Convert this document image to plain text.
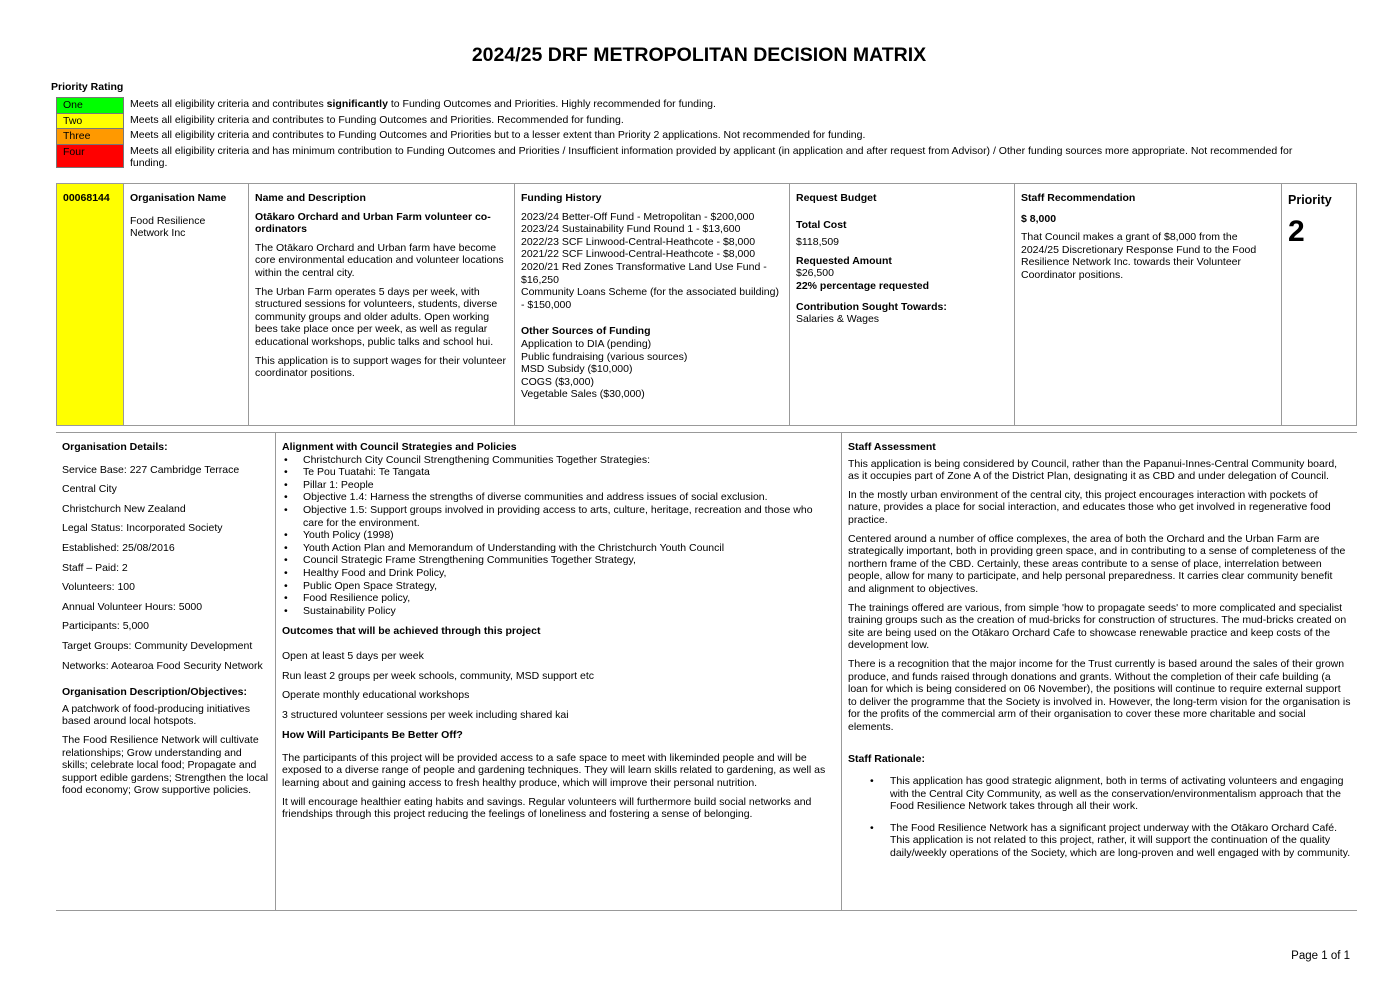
2024/25 DRF METROPOLITAN DECISION MATRIX
Priority Rating
One	Meets all eligibility criteria and contributes significantly to Funding Outcomes and Priorities. Highly recommended for funding.
Two	Meets all eligibility criteria and contributes to Funding Outcomes and Priorities. Recommended for funding.
Three	Meets all eligibility criteria and contributes to Funding Outcomes and Priorities but to a lesser extent than Priority 2 applications. Not recommended for funding.
Four	Meets all eligibility criteria and has minimum contribution to Funding Outcomes and Priorities / Insufficient information provided by applicant (in application and after request from Advisor) / Other funding sources more appropriate. Not recommended for funding.
00068144	Organisation Name
Food Resilience Network Inc
Name and Description
Otākaro Orchard and Urban Farm volunteer co-ordinators
The Otākaro Orchard and Urban farm have become core environmental education and volunteer locations within the central city.
The Urban Farm operates 5 days per week, with structured sessions for volunteers, students, diverse community groups and older adults. Open working bees take place once per week, as well as regular educational workshops, public talks and school hui.
This application is to support wages for their volunteer coordinator positions.
Funding History
2023/24 Better-Off Fund - Metropolitan - $200,000
2023/24 Sustainability Fund Round 1 - $13,600
2022/23 SCF Linwood-Central-Heathcote - $8,000
2021/22 SCF Linwood-Central-Heathcote - $8,000
2020/21 Red Zones Transformative Land Use Fund - $16,250
Community Loans Scheme (for the associated building) - $150,000
Other Sources of Funding
Application to DIA (pending)
Public fundraising (various sources)
MSD Subsidy ($10,000)
COGS ($3,000)
Vegetable Sales ($30,000)
Request Budget
Total Cost
$118,509
Requested Amount
$26,500
22% percentage requested
Contribution Sought Towards:
Salaries & Wages
Staff Recommendation
$ 8,000
That Council makes a grant of $8,000 from the 2024/25 Discretionary Response Fund to the Food Resilience Network Inc. towards their Volunteer Coordinator positions.
Priority
2
Organisation Details:
Service Base: 227 Cambridge Terrace
Central City
Christchurch New Zealand
Legal Status: Incorporated Society
Established: 25/08/2016
Staff – Paid: 2
Volunteers: 100
Annual Volunteer Hours: 5000
Participants: 5,000
Target Groups: Community Development
Networks: Aotearoa Food Security Network
Organisation Description/Objectives:
A patchwork of food-producing initiatives based around local hotspots.
The Food Resilience Network will cultivate relationships; Grow understanding and skills; celebrate local food; Propagate and support edible gardens; Strengthen the local food economy; Grow supportive policies.
Alignment with Council Strategies and Policies
• Christchurch City Council Strengthening Communities Together Strategies:
• Te Pou Tuatahi: Te Tangata
• Pillar 1: People
• Objective 1.4: Harness the strengths of diverse communities and address issues of social exclusion.
• Objective 1.5: Support groups involved in providing access to arts, culture, heritage, recreation and those who care for the environment.
• Youth Policy (1998)
• Youth Action Plan and Memorandum of Understanding with the Christchurch Youth Council
• Council Strategic Frame Strengthening Communities Together Strategy,
• Healthy Food and Drink Policy,
• Public Open Space Strategy,
• Food Resilience policy,
• Sustainability Policy
Outcomes that will be achieved through this project
Open at least 5 days per week
Run least 2 groups per week schools, community, MSD support etc
Operate monthly educational workshops
3 structured volunteer sessions per week including shared kai
How Will Participants Be Better Off?
The participants of this project will be provided access to a safe space to meet with likeminded people and will be exposed to a diverse range of people and gardening techniques. They will learn skills related to gardening, as well as learning about and gaining access to fresh healthy produce, which will improve their personal nutrition.
It will encourage healthier eating habits and savings. Regular volunteers will furthermore build social networks and friendships through this project reducing the feelings of loneliness and fostering a sense of belonging.
Staff Assessment
This application is being considered by Council, rather than the Papanui-Innes-Central Community board, as it occupies part of Zone A of the District Plan, designating it as CBD and under delegation of Council.
In the mostly urban environment of the central city, this project encourages interaction with pockets of nature, provides a place for social interaction, and educates those who get involved in regenerative food practice.
Centered around a number of office complexes, the area of both the Orchard and the Urban Farm are strategically important, both in providing green space, and in contributing to a sense of completeness of the northern frame of the CBD. Certainly, these areas contribute to a sense of place, interrelation between people, allow for many to participate, and help personal preparedness. It carries clear community benefit and alignment to objectives.
The trainings offered are various, from simple 'how to propagate seeds' to more complicated and specialist training groups such as the creation of mud-bricks for construction of structures. The mud-bricks created on site are being used on the Otākaro Orchard Cafe to showcase renewable practice and keep costs of the development low.
There is a recognition that the major income for the Trust currently is based around the sales of their grown produce, and funds raised through donations and grants. Without the completion of their cafe building (a loan for which is being considered on 06 November), the positions will continue to require external support to deliver the programme that the Society is involved in. However, the long-term vision for the organisation is for the profits of the commercial arm of their organisation to cover these more charitable and social elements.
Staff Rationale:
• This application has good strategic alignment, both in terms of activating volunteers and engaging with the Central City Community, as well as the conservation/environmentalism approach that the Food Resilience Network takes through all their work.
• The Food Resilience Network has a significant project underway with the Otākaro Orchard Café. This application is not related to this project, rather, it will support the continuation of the quality daily/weekly operations of the Society, which are long-proven and well engaged with by community.
Page 1 of 1
